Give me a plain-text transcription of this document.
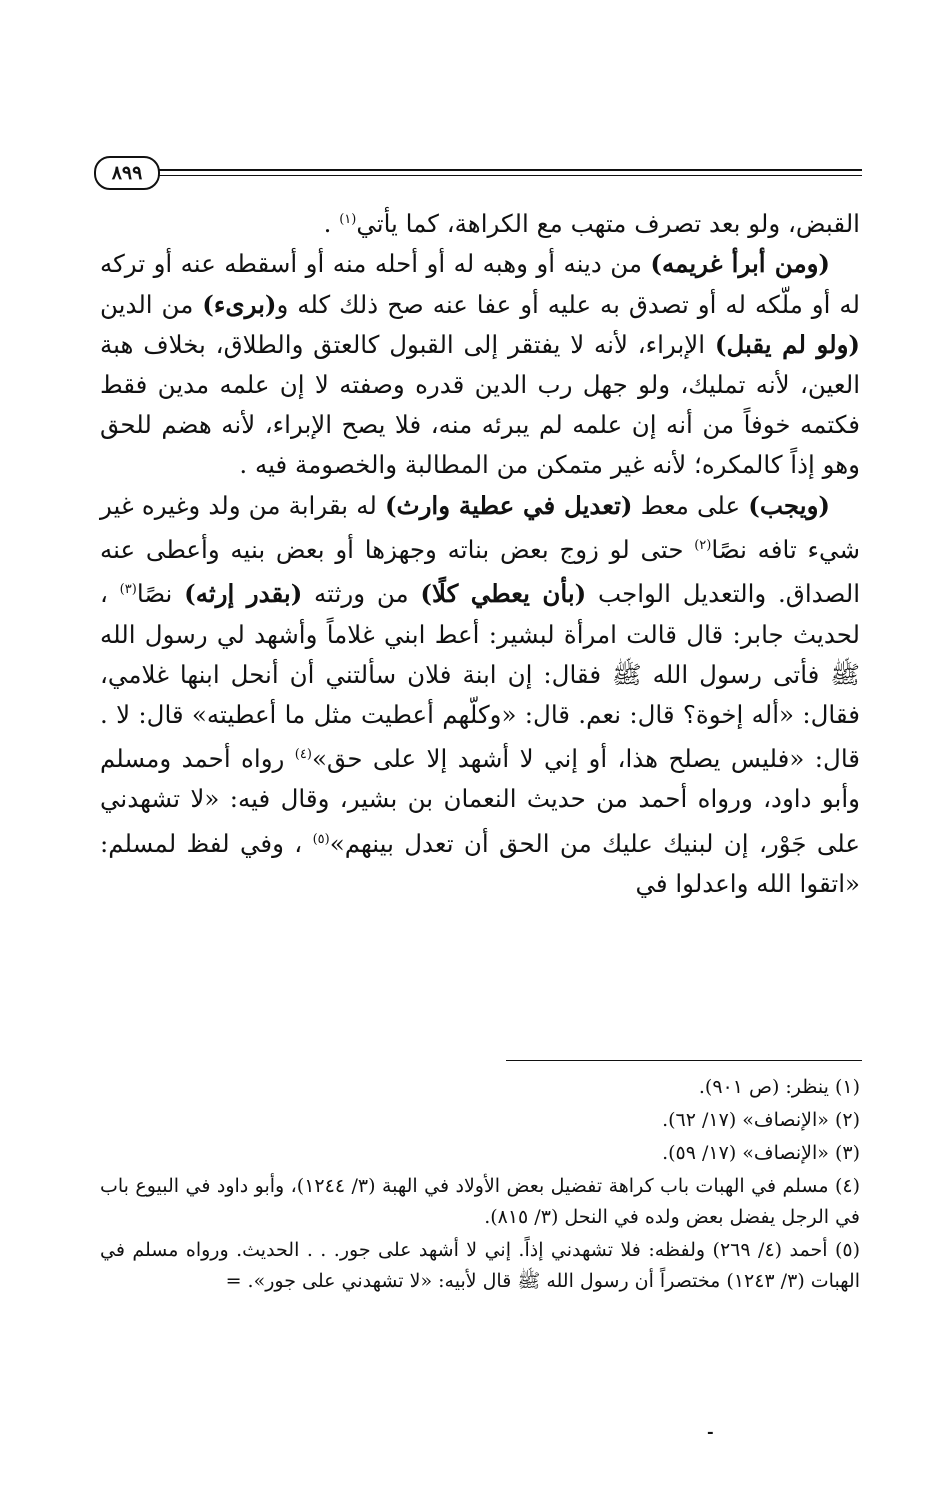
٨٩٩

القبض، ولو بعد تصرف متهب مع الكراهة، كما يأتي$^{(١)}$ .

(ومن أبرأ غريمه) من دينه أو وهبه له أو أحله منه أو أسقطه عنه أو تركه له أو ملّكه له أو تصدق به عليه أو عفا عنه صح ذلك كله و(برىء) من الدين (ولو لم يقبل) الإبراء، لأنه لا يفتقر إلى القبول كالعتق والطلاق، بخلاف هبة العين، لأنه تمليك، ولو جهل رب الدين قدره وصفته لا إن علمه مدين فقط فكتمه خوفاً من أنه إن علمه لم يبرئه منه، فلا يصح الإبراء، لأنه هضم للحق وهو إذاً كالمكره؛ لأنه غير متمكن من المطالبة والخصومة فيه .

(ويجب) على معط (تعديل في عطية وارث) له بقرابة من ولد وغيره غير شيء تافه نصًا$^{(٢)}$ حتى لو زوج بعض بناته وجهزها أو بعض بنيه وأعطى عنه الصداق. والتعديل الواجب (بأن يعطي كلًا) من ورثته (بقدر إرثه) نصًا$^{(٣)}$ ، لحديث جابر: قال قالت امرأة لبشير: أعط ابني غلاماً وأشهد لي رسول الله ﷺ فأتى رسول الله ﷺ فقال: إن ابنة فلان سألتني أن أنحل ابنها غلامي، فقال: «أله إخوة؟ قال: نعم. قال: «وكلّهم أعطيت مثل ما أعطيته» قال: لا . قال: «فليس يصلح هذا، أو إني لا أشهد إلا على حق»$^{(٤)}$ رواه أحمد ومسلم وأبو داود، ورواه أحمد من حديث النعمان بن بشير، وقال فيه: «لا تشهدني على جَوْر، إن لبنيك عليك من الحق أن تعدل بينهم»$^{(٥)}$ ، وفي لفظ لمسلم: «اتقوا الله واعدلوا في

(١) ينظر: (ص ٩٠١).

(٢) «الإنصاف» (١٧/ ٦٢).

(٣) «الإنصاف» (١٧/ ٥٩).

(٤) مسلم في الهبات باب كراهة تفضيل بعض الأولاد في الهبة (٣/ ١٢٤٤)، وأبو داود في البيوع باب في الرجل يفضل بعض ولده في النحل (٣/ ٨١٥).

(٥) أحمد (٤/ ٢٦٩) ولفظه: فلا تشهدني إذاً. إني لا أشهد على جور. . . الحديث. ورواه مسلم في الهبات (٣/ ١٢٤٣) مختصراً أن رسول الله ﷺ قال لأبيه: «لا تشهدني على جور». =

-
